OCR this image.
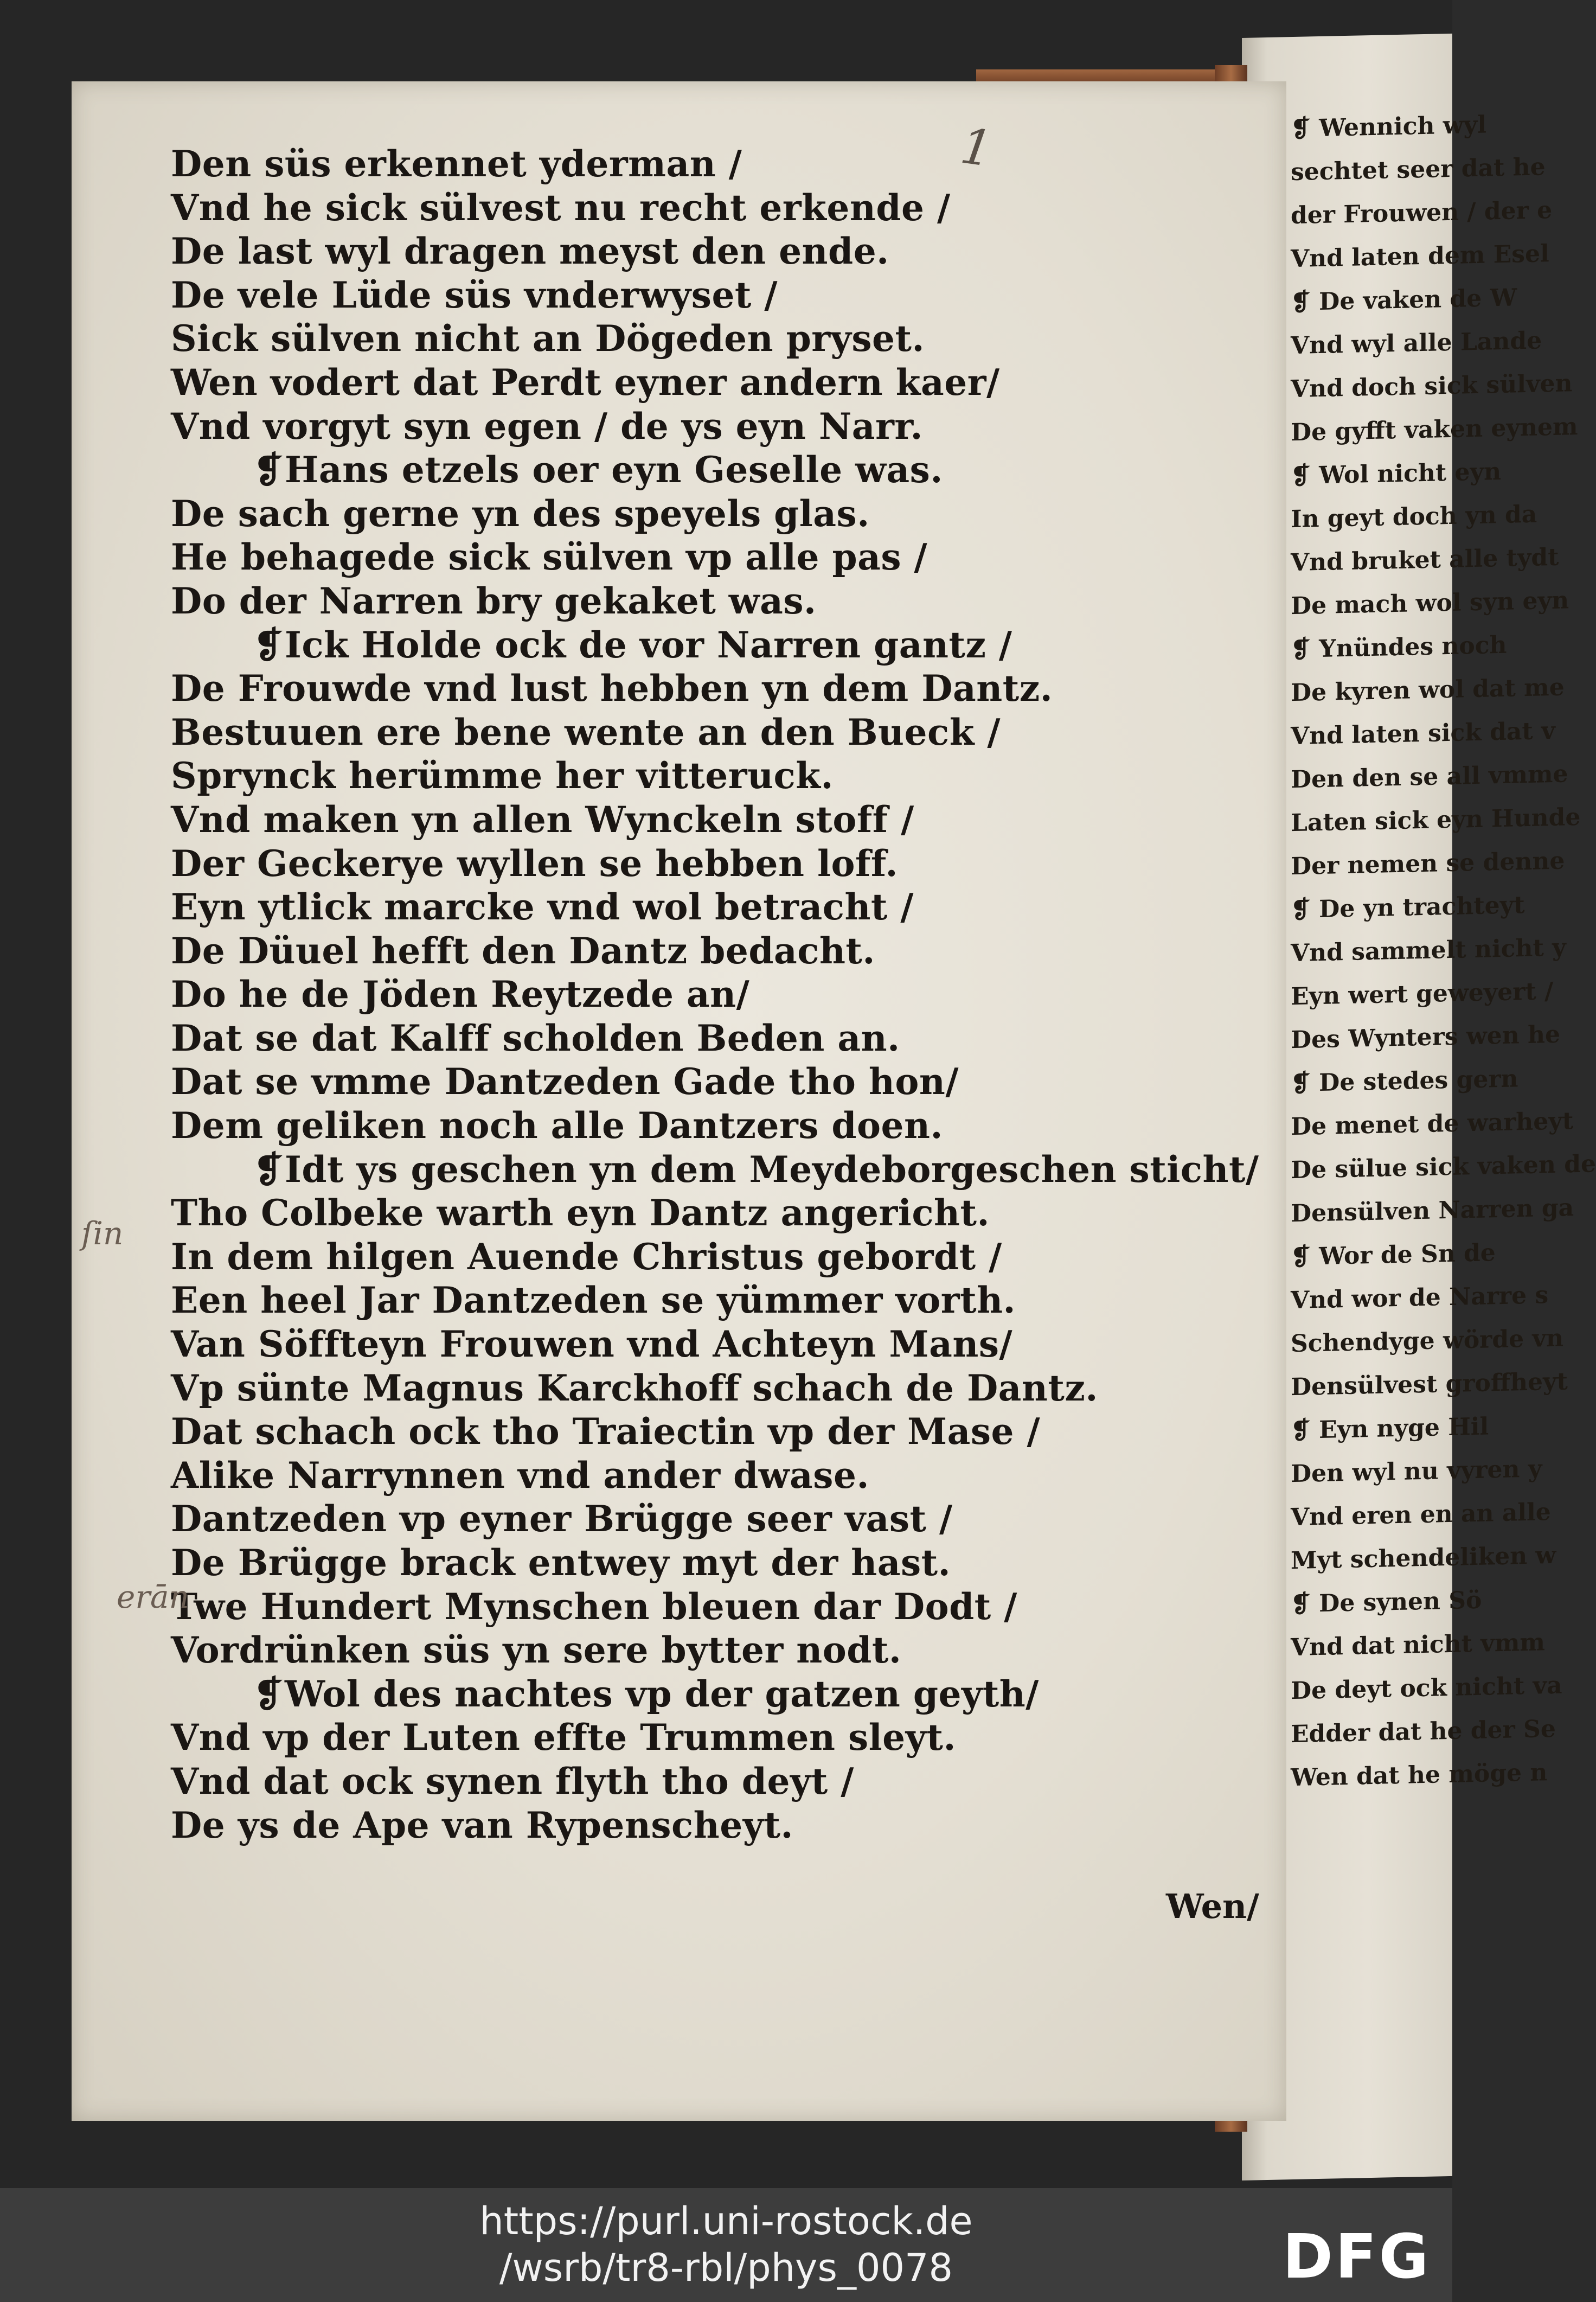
❡ Wennich wyl
sechtet seer dat he
der Frouwen / der e
Vnd laten dem Esel
❡ De vaken de W
Vnd wyl alle Lande
Vnd doch sick sülven
De gyfft vaken eynem
❡ Wol nicht eyn
In geyt doch yn da
Vnd bruket alle tydt
De mach wol syn eyn
❡ Ynündes noch
De kyren wol dat me
Vnd laten sick dat v
Den den se all vmme
Laten sick eyn Hunde
Der nemen se denne
❡ De yn trachteyt
Vnd sammelt nicht y
Eyn wert geweyert /
Des Wynters wen he
❡ De stedes gern
De menet de warheyt
De sülue sick vaken de
Densülven Narren ga
❡ Wor de Sn de
Vnd wor de Narre s
Schendyge wörde vn
Densülvest groffheyt
❡ Eyn nyge Hil
Den wyl nu vyren y
Vnd eren en an alle
Myt schendeliken w
❡ De synen Sö
Vnd dat nicht vmm
De deyt ock nicht va
Edder dat he der Se
Wen dat he möge n
1
Den süs erkennet yderman /
Vnd he sick sülvest nu recht erkende /
De last wyl dragen meyst den ende.
De vele Lüde süs vnderwyset /
Sick sülven nicht an Dögeden pryset.
Wen vodert dat Perdt eyner andern kaer/
Vnd vorgyt syn egen / de ys eyn Narr.
❡Hans etzels oer eyn Geselle was.
De sach gerne yn des speyels glas.
He behagede sick sülven vp alle pas /
Do der Narren bry gekaket was.
❡Ick Holde ock de vor Narren gantz /
De Frouwde vnd lust hebben yn dem Dantz.
Bestuuen ere bene wente an den Bueck /
Sprynck herümme her vitteruck.
Vnd maken yn allen Wynckeln stoff /
Der Geckerye wyllen se hebben loff.
Eyn ytlick marcke vnd wol betracht /
De Düuel hefft den Dantz bedacht.
Do he de Jöden Reytzede an/
Dat se dat Kalff scholden Beden an.
Dat se vmme Dantzeden Gade tho hon/
Dem geliken noch alle Dantzers doen.
❡Idt ys geschen yn dem Meydeborgeschen sticht/
Tho Colbeke warth eyn Dantz angericht.
In dem hilgen Auende Christus gebordt /
Een heel Jar Dantzeden se yümmer vorth.
Van Söffteyn Frouwen vnd Achteyn Mans/
Vp sünte Magnus Karckhoff schach de Dantz.
Dat schach ock tho Traiectin vp der Mase /
Alike Narrynnen vnd ander dwase.
Dantzeden vp eyner Brügge seer vast /
De Brügge brack entwey myt der hast.
Twe Hundert Mynschen bleuen dar Dodt /
Vordrünken süs yn sere bytter nodt.
❡Wol des nachtes vp der gatzen geyth/
Vnd vp der Luten effte Trummen sleyt.
Vnd dat ock synen flyth tho deyt /
De ys de Ape van Rypenscheyt.
Wen/
ſin
erān
https://purl.uni-rostock.de
/wsrb/tr8-rbl/phys_0078	DFG
